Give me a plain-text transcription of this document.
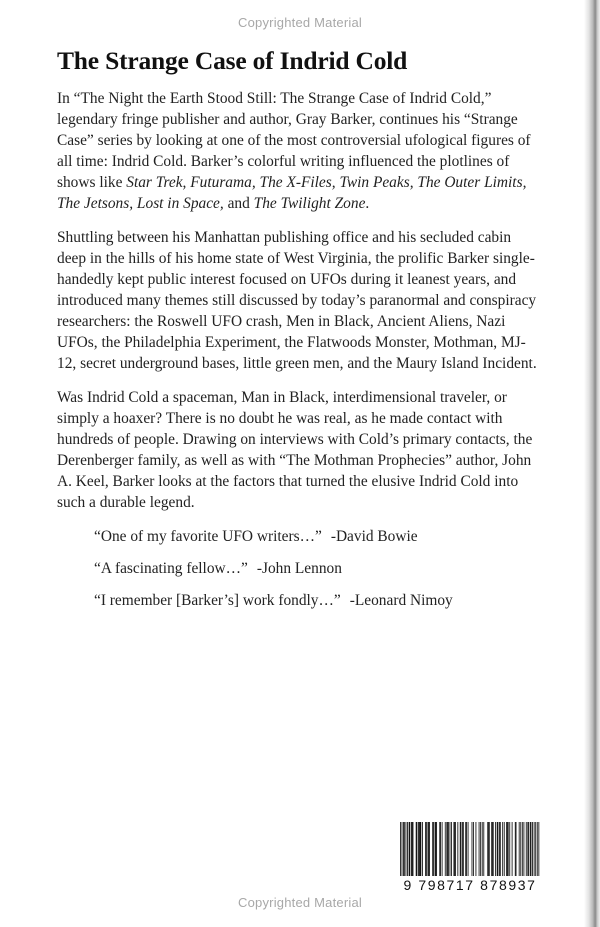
Copyrighted Material
The Strange Case of Indrid Cold

In “The Night the Earth Stood Still: The Strange Case of Indrid Cold,” legendary fringe publisher and author, Gray Barker, continues his “Strange Case” series by looking at one of the most controversial ufological figures of all time: Indrid Cold. Barker’s colorful writing influenced the plotlines of shows like Star Trek, Futurama, The X-Files, Twin Peaks, The Outer Limits, The Jetsons, Lost in Space, and The Twilight Zone.

Shuttling between his Manhattan publishing office and his secluded cabin deep in the hills of his home state of West Virginia, the prolific Barker single-handedly kept public interest focused on UFOs during it leanest years, and introduced many themes still discussed by today’s paranormal and conspiracy researchers: the Roswell UFO crash, Men in Black, Ancient Aliens, Nazi UFOs, the Philadelphia Experiment, the Flatwoods Monster, Mothman, MJ-12, secret underground bases, little green men, and the Maury Island Incident.

Was Indrid Cold a spaceman, Man in Black, interdimensional traveler, or simply a hoaxer? There is no doubt he was real, as he made contact with hundreds of people. Drawing on interviews with Cold’s primary contacts, the Derenberger family, as well as with “The Mothman Prophecies” author, John A. Keel, Barker looks at the factors that turned the elusive Indrid Cold into such a durable legend.

“One of my favorite UFO writers…” -David Bowie
“A fascinating fellow…” -John Lennon
“I remember [Barker’s] work fondly…” -Leonard Nimoy
9 798717 878937
Copyrighted Material
